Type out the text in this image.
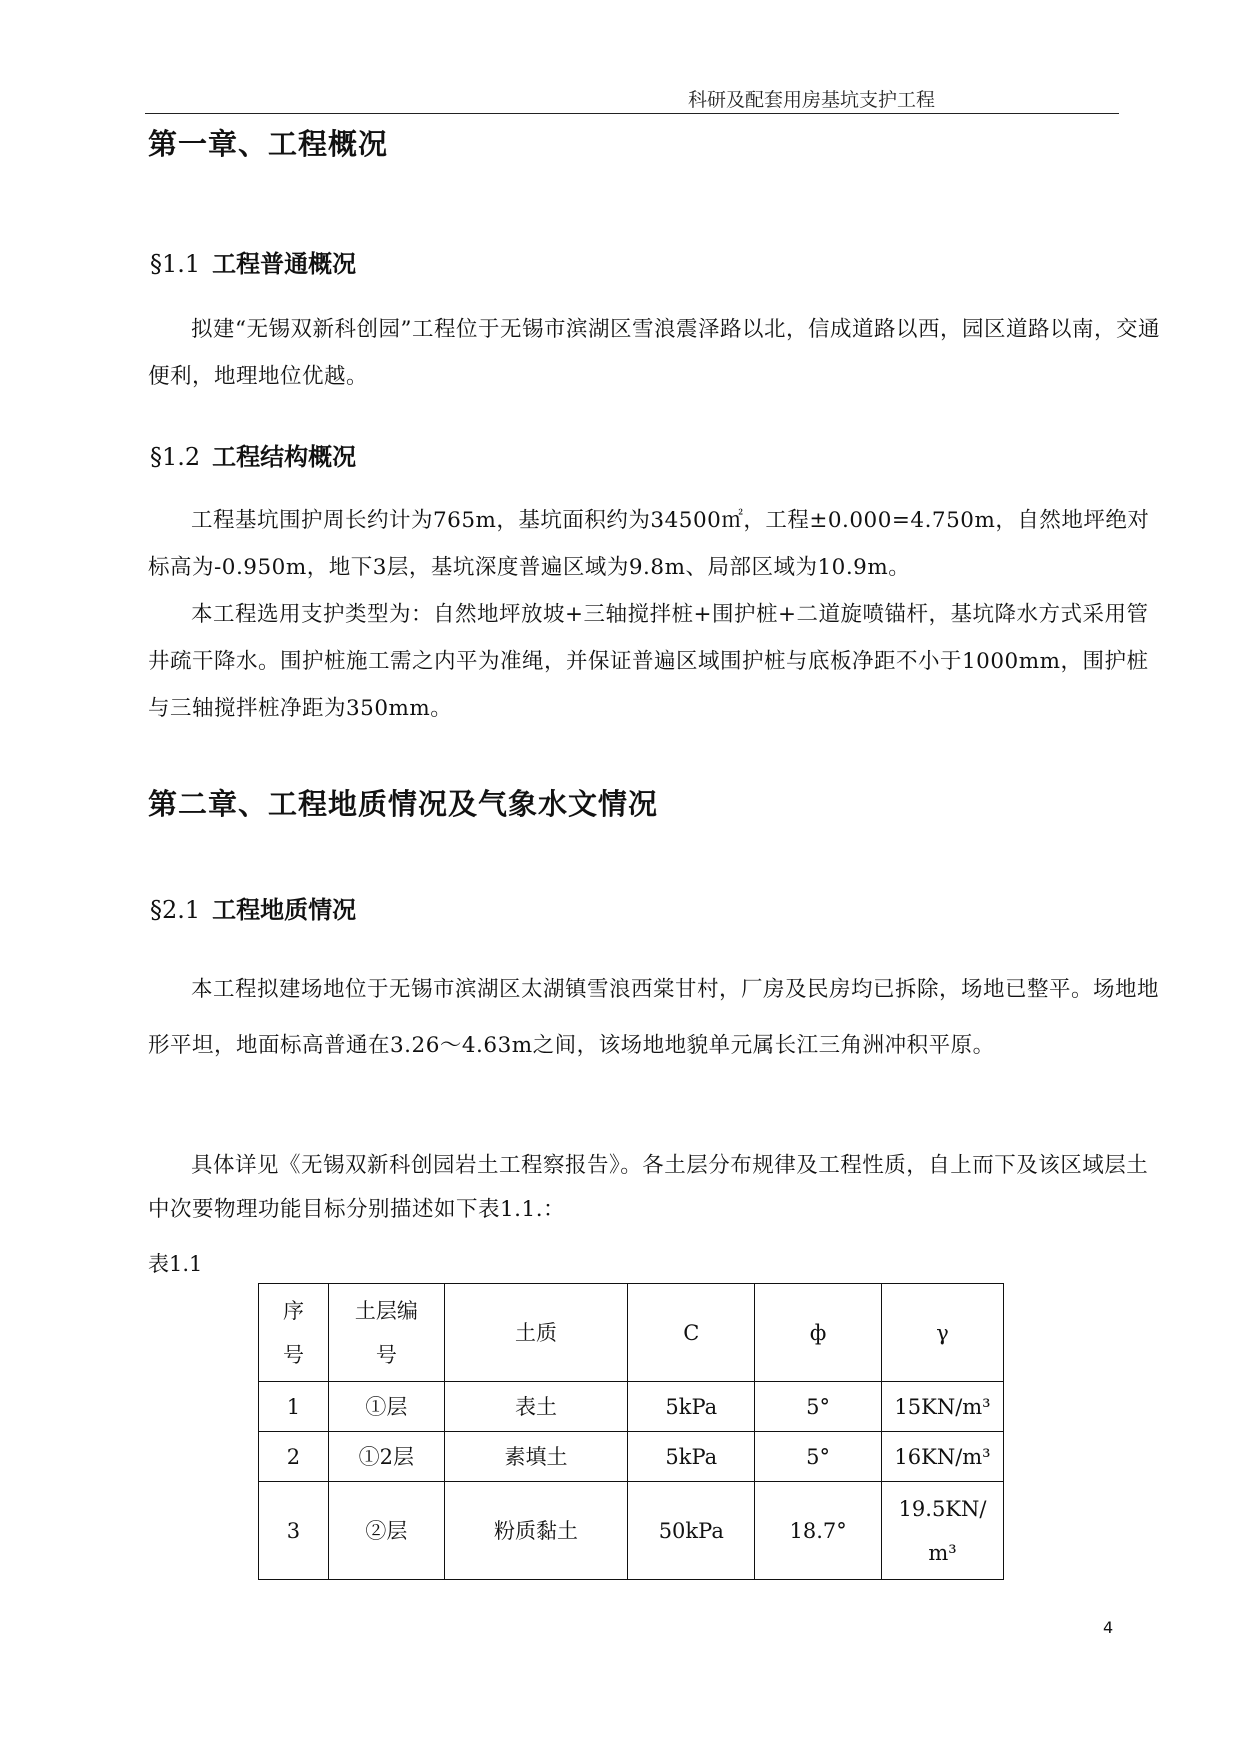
科研及配套用房基坑支护工程
第一章、工程概况
§1.1 工程普通概况

拟建“无锡双新科创园”工程位于无锡市滨湖区雪浪震泽路以北，信成道路以西，园区道路以南，交通便利，地理地位优越。

§1.2 工程结构概况

工程基坑围护周长约计为765m，基坑面积约为34500㎡，工程±0.000=4.750m，自然地坪绝对标高为-0.950m，地下3层，基坑深度普遍区域为9.8m、局部区域为10.9m。

本工程选用支护类型为：自然地坪放坡+三轴搅拌桩+围护桩+二道旋喷锚杆，基坑降水方式采用管井疏干降水。围护桩施工需之内平为准绳，并保证普遍区域围护桩与底板净距不小于1000mm，围护桩与三轴搅拌桩净距为350mm。

第二章、工程地质情况及气象水文情况
§2.1 工程地质情况

本工程拟建场地位于无锡市滨湖区太湖镇雪浪西棠甘村，厂房及民房均已拆除，场地已整平。场地地形平坦，地面标高普通在3.26～4.63m之间，该场地地貌单元属长江三角洲冲积平原。

具体详见《无锡双新科创园岩土工程察报告》。各土层分布规律及工程性质，自上而下及该区域层土中次要物理功能目标分别描述如下表1.1.：

表1.1
序号	土层编号	土质	C	ф	γ
1	①层	表土	5kPa	5°	15KN/m³
2	①2层	素填土	5kPa	5°	16KN/m³
3	②层	粉质黏土	50kPa	18.7°	19.5KN/m³
4
